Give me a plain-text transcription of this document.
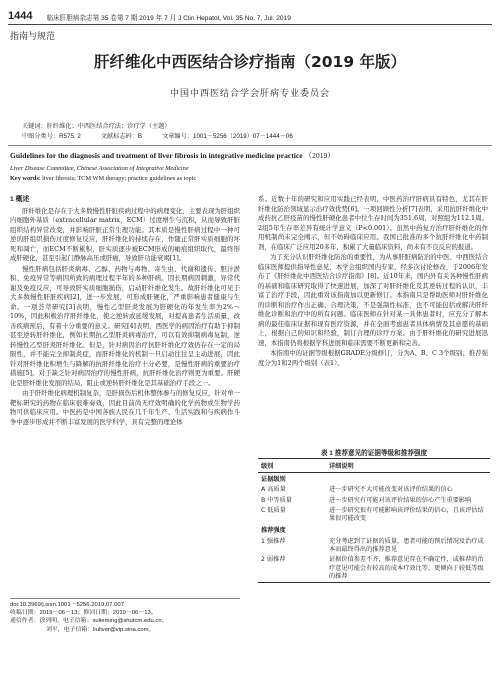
1444 临床肝胆病杂志第 35 卷第 7 期 2019 年 7 月 J Clin Hepatol, Vol. 35 No. 7, Jul. 2019
指南与规范
肝纤维化中西医结合诊疗指南（2019 年版）
中国中西医结合学会肝病专业委员会
关键词：肝纤维化；中西医结合疗法；诊疗学（主题）
中图分类号：R575. 2	文献标志码：B	文章编号：1001－5256（2019）07－1444－06
Guidelines for the diagnosis and treatment of liver fibrosis in integrative medicine practice （2019）
Liver Disease Committee, Chinese Association of Integrative Medicine
Key words: liver fibrosis; TCM WM therapy; practice guidelines as topic
1 概述

肝纤维化是存在于大多数慢性肝脏疾病过程中的病理变化，主要表现为肝组织内细胞外基质（extracellular matrix，ECM）过度增生与沉积，从而导致肝脏组织结构异常改变，并影响肝脏正常生理功能。其本质是慢性肝病过程中一种可逆的肝组织损伤过度修复反应，肝纤维化的持续存在，作随正常肝实质细胞的坏死和凋亡，而ECM不断累积，肝实质逐步被ECM形成的瘢痕组织取代，最终形成肝硬化，甚至引起门静脉高压或肝癌，导致肝功能衰竭[1]。

慢性肝病包括肝炎病毒、乙醇、药物与毒物、寄生虫、代谢和遗传、胆汁淤积、免疫异常等病因所致的病理过程半年的多种肝病。因长期病因刺激，异常代谢及免疫反应，可导致肝实质细胞损伤，启动肝纤维化发生。故肝纤维化可见于大多数慢性肝脏疾病[2]，进一步发展，可形成肝硬化，严重影响患者健康与生命。一项荟萃研究[3]表明，慢性乙型肝炎发展为肝硬化的年发生率为2%～10%，因此积极治疗肝纤维化，使之逆转或延缓发展，对提高患者生活质量，改善疾病预后，有着十分重要的意义。研究[4]表明，西医学的病因治疗有助于抑制甚至逆转肝纤维化，例如长期抗乙型肝炎病毒治疗，可以有效抑制病毒复制，逆转慢性乙型肝炎肝纤维化。但是，针对病因治疗抗肝纤维化疗效仍存在一定的局限性，并不能完全抑制炎症，而肝纤维化的机制一旦启动往往呈主动进展，因此针对肝纤维化积增生与降解的抗肝纤维化治疗十分必要，是慢性肝病的重要治疗措施[5]。对于缺乏针对病因治疗的慢性肝病，抗肝纤维化治疗则更为重要。肝硬化是肝纤维化发展的结局，阻止或逆转肝纤维化是其基础治疗手段之一。

由于肝纤维化病理机制复杂，是肝损伤后机体整体参与的修复反应，针对单一靶标研究的药物在临床很难奏效，因此目前尚无疗效明确的化学药物或生物学药物可供临床应用。中医药是中国各族人民在几千年生产、生活实践和与疾病作斗争中逐步形成并不断丰富发展的医学科学，具有完整的理论体

系。近数十年的研究和应用实践已经表明，中医药治疗肝病具有特色，尤其在肝纤维化防治领域显示出疗效优势[6]。一项回顾性分析[7]表明，采用抗肝纤维化中成药抗乙肝疫苗的慢性肝硬化患者中位生存时间为351.6周，对照组为112.1周。2组5年生存率差异有统计学意义（P<0.001）。虽然中药复方治疗肝纤维化的作用机制尚未完全阐示，但不妨碍临床应用。我国已批准的多个抗肝纤维化中药制剂，在临床广泛应用20多年，积累了大量临床资料，尚未有不良反应的报道。

为了充分认识肝纤维化防治的重要性，为从事肝脏病防治的中医、中西医结合临床医师提供指导性意见，本学会组织国内专家，经多次讨论修改，于2006年发布了《肝纤维化中西医结合诊疗指南》[8]。近10年来，国内外有关各种慢性肝病的基础和临床研究取得了快速进展，加深了对肝纤维化及其逆转过程的认识，丰富了治疗手段，因此重对该指南加以更新修订。本指南只是帮助医师对肝纤维化的诊断和治疗作出正确、合理决策，不是强制性标准，也不可能包括或解决肝纤维化诊断和治疗中的所有问题。临床医师在针对某一具体患者时，应充分了解本病的最佳临床证据和现有医疗资源，并在全面考虑患者具体病情及其意愿的基础上，根据自己的知识和经验，制订合理的诊疗方案。由于肝纤维化的研究进展迅速，本指南仍将根据学科进展和临床需要不断更新和完善。

本指南中的证据等级根据GRADE分级修订，分为A、B、C 3个级别；推荐强度分为1和2两个级别（表1）。

doi:10.3969/j.issn.1001－5256.2019.07.007
收稿日期：2019－06－13；修回日期：2019－06－13。
通信作者：徐列明，电子信箱：xulieming@shutcm.edu.cn；
刘平，电子信箱：liuliver@vip.sina.com。
表 1 推荐意见的证据等级和推荐强度
级别	详细说明
证据级别	
A 高质量	进一步研究不大可能改变对该评价结果的信心
B 中等质量	进一步研究有可能对该评价结果的信心产生重要影响
C 低质量	进一步研究很有可能影响该评价结果的信心，且该评估结果很可能改变
推荐强度	
1 强推荐	充分考虑到了证据的质量，患者可能的预后情况及治疗成本而最终得出的推荐意见
2 弱推荐	证据价值参差不齐，推荐意见存在不确定性，或推荐的治疗意见可能会有较高的成本疗效比等，更倾向于较低等级的推荐
